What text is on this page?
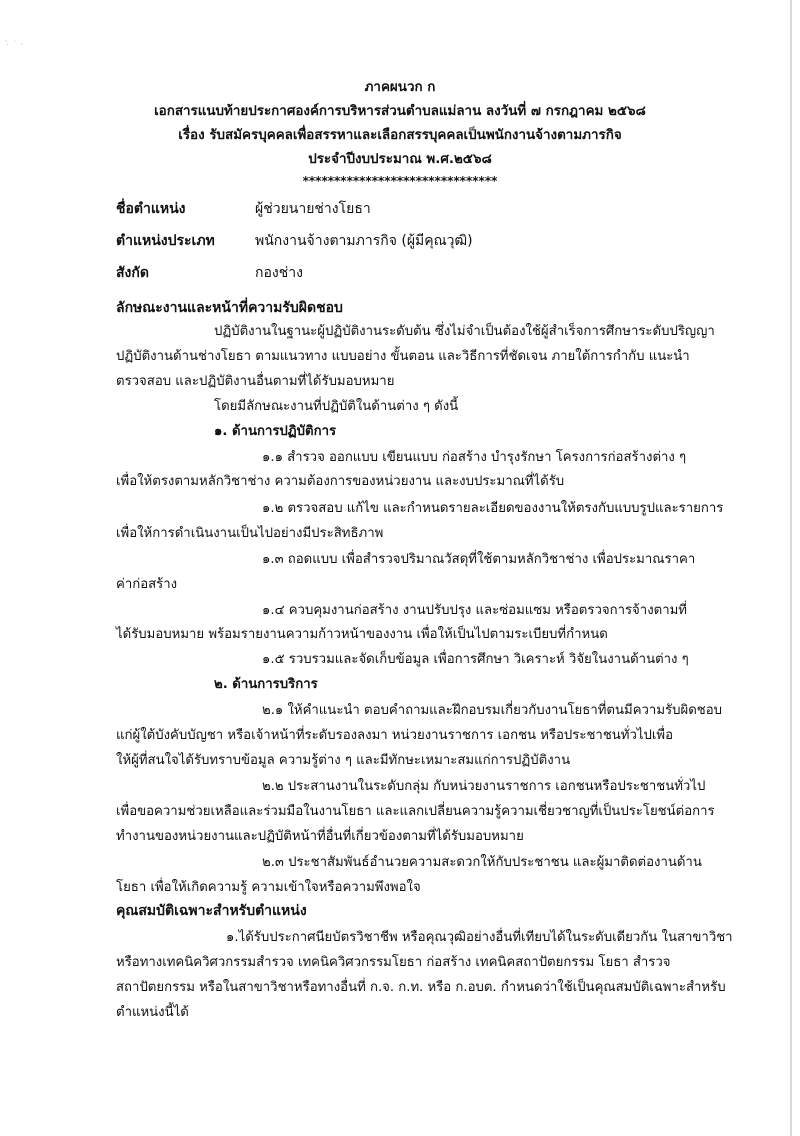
·̀ ˙ ·
ภาคผนวก ก
เอกสารแนบท้ายประกาศองค์การบริหารส่วนตำบลแม่ลาน ลงวันที่ ๗ กรกฎาคม ๒๕๖๘
เรื่อง รับสมัครบุคคลเพื่อสรรหาและเลือกสรรบุคคลเป็นพนักงานจ้างตามภารกิจ
ประจำปีงบประมาณ พ.ศ.๒๕๖๘
*******************************
ชื่อตำแหน่ง	ผู้ช่วยนายช่างโยธา
ตำแหน่งประเภท	พนักงานจ้างตามภารกิจ (ผู้มีคุณวุฒิ)
สังกัด	กองช่าง
ลักษณะงานและหน้าที่ความรับผิดชอบ
ปฏิบัติงานในฐานะผู้ปฏิบัติงานระดับต้น ซึ่งไม่จำเป็นต้องใช้ผู้สำเร็จการศึกษาระดับปริญญา
ปฏิบัติงานด้านช่างโยธา ตามแนวทาง แบบอย่าง ขั้นตอน และวิธีการที่ชัดเจน ภายใต้การกำกับ แนะนำ
ตรวจสอบ และปฏิบัติงานอื่นตามที่ได้รับมอบหมาย
โดยมีลักษณะงานที่ปฏิบัติในด้านต่าง ๆ ดังนี้
๑. ด้านการปฏิบัติการ
๑.๑ สำรวจ ออกแบบ เขียนแบบ ก่อสร้าง บำรุงรักษา โครงการก่อสร้างต่าง ๆ
เพื่อให้ตรงตามหลักวิชาช่าง ความต้องการของหน่วยงาน และงบประมาณที่ได้รับ
๑.๒ ตรวจสอบ แก้ไข และกำหนดรายละเอียดของงานให้ตรงกับแบบรูปและรายการ
เพื่อให้การดำเนินงานเป็นไปอย่างมีประสิทธิภาพ
๑.๓ ถอดแบบ เพื่อสำรวจปริมาณวัสดุที่ใช้ตามหลักวิชาช่าง เพื่อประมาณราคา
ค่าก่อสร้าง
๑.๔ ควบคุมงานก่อสร้าง งานปรับปรุง และซ่อมแซม หรือตรวจการจ้างตามที่
ได้รับมอบหมาย พร้อมรายงานความก้าวหน้าของงาน เพื่อให้เป็นไปตามระเบียบที่กำหนด
๑.๕ รวบรวมและจัดเก็บข้อมูล เพื่อการศึกษา วิเคราะห์ วิจัยในงานด้านต่าง ๆ
๒. ด้านการบริการ
๒.๑ ให้คำแนะนำ ตอบคำถามและฝึกอบรมเกี่ยวกับงานโยธาที่ตนมีความรับผิดชอบ
แก่ผู้ใต้บังคับบัญชา หรือเจ้าหน้าที่ระดับรองลงมา หน่วยงานราชการ เอกชน หรือประชาชนทั่วไปเพื่อ
ให้ผู้ที่สนใจได้รับทราบข้อมูล ความรู้ต่าง ๆ และมีทักษะเหมาะสมแก่การปฏิบัติงาน
๒.๒ ประสานงานในระดับกลุ่ม กับหน่วยงานราชการ เอกชนหรือประชาชนทั่วไป
เพื่อขอความช่วยเหลือและร่วมมือในงานโยธา และแลกเปลี่ยนความรู้ความเชี่ยวชาญที่เป็นประโยชน์ต่อการ
ทำงานของหน่วยงานและปฏิบัติหน้าที่อื่นที่เกี่ยวข้องตามที่ได้รับมอบหมาย
๒.๓ ประชาสัมพันธ์อำนวยความสะดวกให้กับประชาชน และผู้มาติดต่องานด้าน
โยธา เพื่อให้เกิดความรู้ ความเข้าใจหรือความพึงพอใจ
คุณสมบัติเฉพาะสำหรับตำแหน่ง
๑.ได้รับประกาศนียบัตรวิชาชีพ หรือคุณวุฒิอย่างอื่นที่เทียบได้ในระดับเดียวกัน ในสาขาวิชา
หรือทางเทคนิควิศวกรรมสำรวจ เทคนิควิศวกรรมโยธา ก่อสร้าง เทคนิคสถาปัตยกรรม โยธา สำรวจ
สถาปัตยกรรม หรือในสาขาวิชาหรือทางอื่นที่ ก.จ. ก.ท. หรือ ก.อบต. กำหนดว่าใช้เป็นคุณสมบัติเฉพาะสำหรับ
ตำแหน่งนี้ได้
